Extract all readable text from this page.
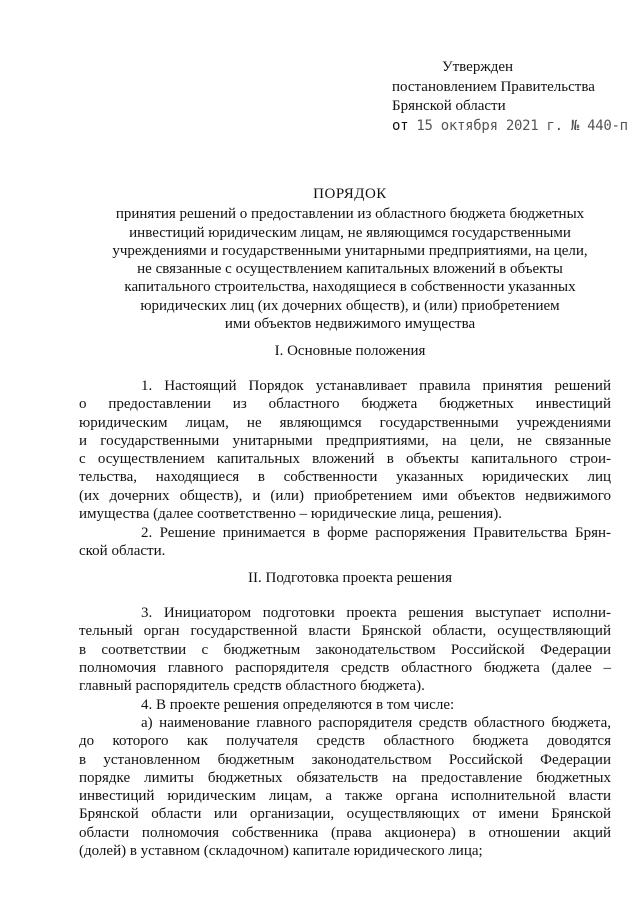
Утвержден
постановлением Правительства
Брянской области
от 15 октября 2021 г. № 440-п
ПОРЯДОК
принятия решений о предоставлении из областного бюджета бюджетных
инвестиций юридическим лицам, не являющимся государственными
учреждениями и государственными унитарными предприятиями, на цели,
не связанные с осуществлением капитальных вложений в объекты
капитального строительства, находящиеся в собственности указанных
юридических лиц (их дочерних обществ), и (или) приобретением
ими объектов недвижимого имущества
I. Основные положения
1. Настоящий Порядок устанавливает правила принятия решений
о предоставлении из областного бюджета бюджетных инвестиций
юридическим лицам, не являющимся государственными учреждениями
и государственными унитарными предприятиями, на цели, не связанные
с осуществлением капитальных вложений в объекты капитального строи-
тельства, находящиеся в собственности указанных юридических лиц
(их дочерних обществ), и (или) приобретением ими объектов недвижимого
имущества (далее соответственно – юридические лица, решения).
2. Решение принимается в форме распоряжения Правительства Брян-
ской области.
II. Подготовка проекта решения
3. Инициатором подготовки проекта решения выступает исполни-
тельный орган государственной власти Брянской области, осуществляющий
в соответствии с бюджетным законодательством Российской Федерации
полномочия главного распорядителя средств областного бюджета (далее –
главный распорядитель средств областного бюджета).
4. В проекте решения определяются в том числе:
а) наименование главного распорядителя средств областного бюджета,
до которого как получателя средств областного бюджета доводятся
в установленном бюджетным законодательством Российской Федерации
порядке лимиты бюджетных обязательств на предоставление бюджетных
инвестиций юридическим лицам, а также органа исполнительной власти
Брянской области или организации, осуществляющих от имени Брянской
области полномочия собственника (права акционера) в отношении акций
(долей) в уставном (складочном) капитале юридического лица;
